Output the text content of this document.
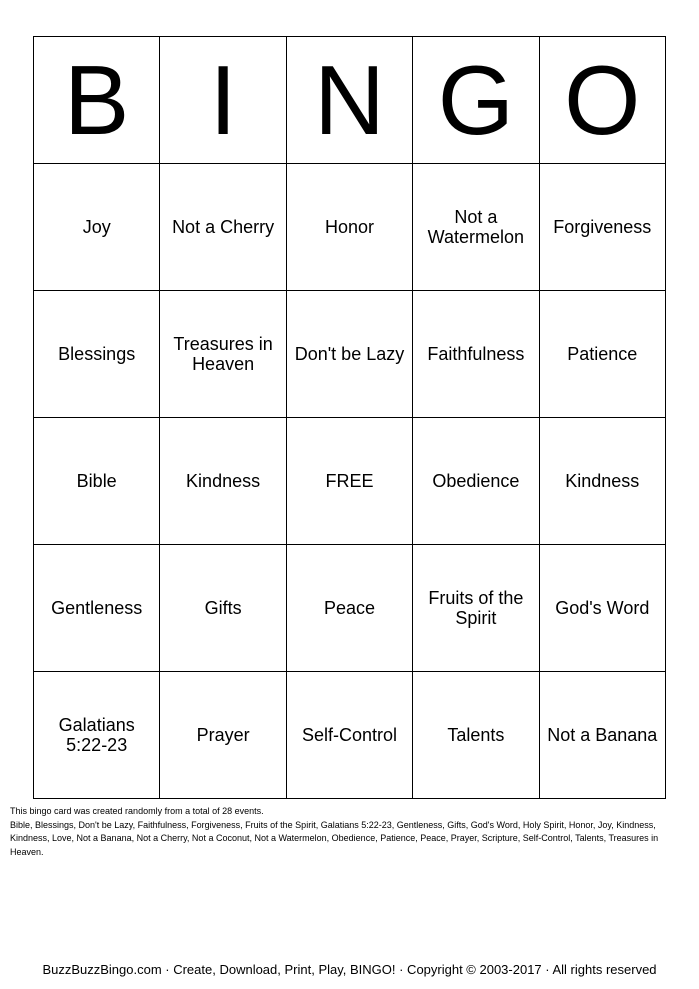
B	I	N	G	O
Joy	Not a Cherry	Honor	Not a Watermelon	Forgiveness
Blessings	Treasures in Heaven	Don't be Lazy	Faithfulness	Patience
Bible	Kindness	FREE	Obedience	Kindness
Gentleness	Gifts	Peace	Fruits of the Spirit	God's Word
Galatians 5:22-23	Prayer	Self-Control	Talents	Not a Banana

This bingo card was created randomly from a total of 28 events.

Bible, Blessings, Don't be Lazy, Faithfulness, Forgiveness, Fruits of the Spirit, Galatians 5:22-23, Gentleness, Gifts, God's Word, Holy Spirit, Honor, Joy, Kindness, Kindness, Love, Not a Banana, Not a Cherry, Not a Coconut, Not a Watermelon, Obedience, Patience, Peace, Prayer, Scripture, Self-Control, Talents, Treasures in Heaven.

BuzzBuzzBingo.com · Create, Download, Print, Play, BINGO! · Copyright © 2003-2017 · All rights reserved
